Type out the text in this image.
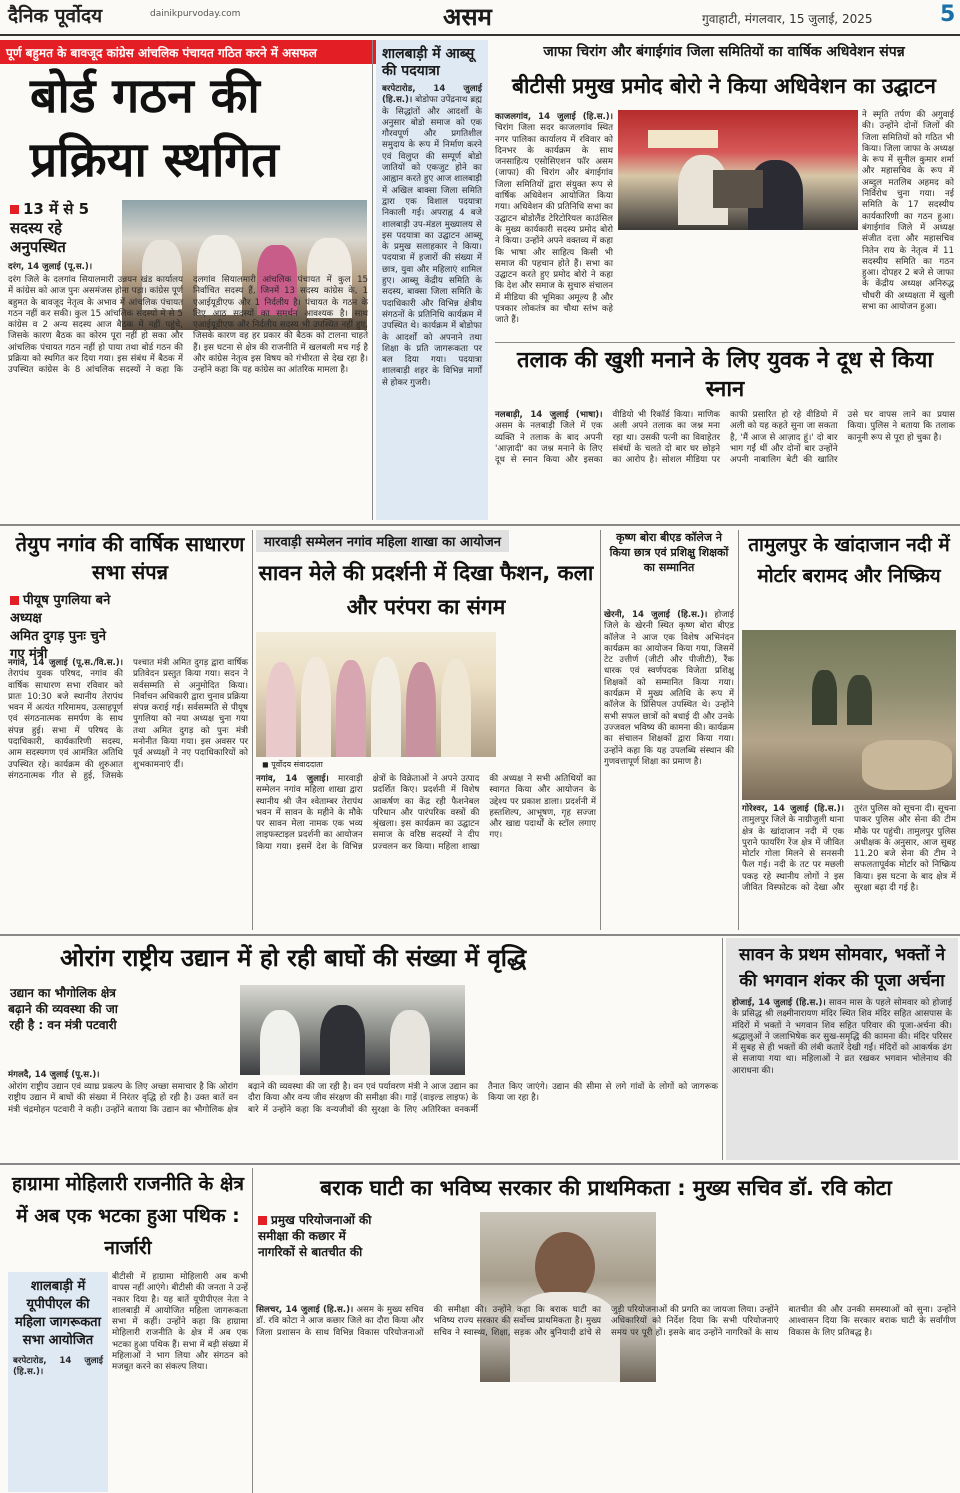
दैनिक पूर्वोदय	dainikpurvoday.com	असम	गुवाहाटी, मंगलवार, 15 जुलाई, 2025	5
पूर्ण बहुमत के बावजूद कांग्रेस आंचलिक पंचायत गठित करने में असफल
बोर्ड गठन की प्रक्रिया स्थगित
13 में से 5 सदस्य रहे अनुपस्थित
दरंग, 14 जुलाई (पू.स.)।
दरंग जिले के दलगांव सियालमारी उन्नयन खंड कार्यालय में कांग्रेस को आज पुनः असमंजस होना पड़ा। कांग्रेस पूर्ण बहुमत के बावजूद नेतृत्व के अभाव में आंचलिक पंचायत गठन नहीं कर सकी। कुल 15 आंचलिक सदस्यों में से 5 कांग्रेस व 2 अन्य सदस्य आज बैठक में नहीं पहुंचे, जिसके कारण बैठक का कोरम पूरा नहीं हो सका और आंचलिक पंचायत गठन नहीं हो पाया तथा बोर्ड गठन की प्रक्रिया को स्थगित कर दिया गया। इस संबंध में बैठक में उपस्थित कांग्रेस के 8 आंचलिक सदस्यों ने कहा कि दलगांव सियालमारी आंचलिक पंचायत में कुल 15 निर्वाचित सदस्य हैं, जिनमें 13 सदस्य कांग्रेस के, 1 एआईयूडीएफ और 1 निर्दलीय है। पंचायत के गठन के लिए आठ सदस्यों का समर्थन आवश्यक है। साथ एआईयूडीएफ और निर्दलीय सदस्य भी उपस्थित नहीं हुए, जिसके कारण वह हर प्रकार की बैठक को टालना चाहते हैं। इस घटना से क्षेत्र की राजनीति में खलबली मच गई है और कांग्रेस नेतृत्व इस विषय को गंभीरता से देख रहा है। उन्होंने कहा कि यह कांग्रेस का आंतरिक मामला है।
शालबाड़ी में आब्सू की पदयात्रा
बरपेटारोड, 14 जुलाई (हि.स.)। बोडोफा उपेंद्रनाथ ब्रह्म के सिद्धांतों और आदर्शों के अनुसार बोडो समाज को एक गौरवपूर्ण और प्रगतिशील समुदाय के रूप में निर्माण करने एवं विलुप्त की सम्पूर्ण बोडो जातियों को एकजुट होने का आह्वान करते हुए आज शालबाड़ी में अखिल बाक्सा जिला समिति द्वारा एक विशाल पदयात्रा निकाली गई। अपराह्न 4 बजे शालबाड़ी उप-मंडल मुख्यालय से इस पदयात्रा का उद्घाटन आब्सू के प्रमुख सलाहकार ने किया। पदयात्रा में हजारों की संख्या में छात्र, युवा और महिलाएं शामिल हुए। आब्सू केंद्रीय समिति के सदस्य, बाक्सा जिला समिति के पदाधिकारी और विभिन्न क्षेत्रीय संगठनों के प्रतिनिधि कार्यक्रम में उपस्थित थे। कार्यक्रम में बोडोफा के आदर्शों को अपनाने तथा शिक्षा के प्रति जागरूकता पर बल दिया गया। पदयात्रा शालबाड़ी शहर के विभिन्न मार्गों से होकर गुजरी।
जाफा चिरांग और बंगाईगांव जिला समितियों का वार्षिक अधिवेशन संपन्न
बीटीसी प्रमुख प्रमोद बोरो ने किया अधिवेशन का उद्घाटन
काजलगांव, 14 जुलाई (हि.स.)। चिरांग जिला सदर काजलगांव स्थित नगर पालिका कार्यालय में रविवार को दिनभर के कार्यक्रम के साथ जनसाहित्य एसोसिएशन फॉर असम (जाफा) की चिरांग और बंगाईगांव जिला समितियों द्वारा संयुक्त रूप से वार्षिक अधिवेशन आयोजित किया गया। अधिवेशन की प्रतिनिधि सभा का उद्घाटन बोडोलैंड टेरिटोरियल काउंसिल के मुख्य कार्यकारी सदस्य प्रमोद बोरो ने किया। उन्होंने अपने वक्तव्य में कहा कि भाषा और साहित्य किसी भी समाज की पहचान होते हैं। सभा का उद्घाटन करते हुए प्रमोद बोरो ने कहा कि देश और समाज के सुचारु संचालन में मीडिया की भूमिका अमूल्य है और पत्रकार लोकतंत्र का चौथा स्तंभ कहे जाते हैं।
ने स्मृति तर्पण की अगुवाई की। उन्होंने दोनों जिलों की जिला समितियों को गठित भी किया। जिला जाफा के अध्यक्ष के रूप में सुनील कुमार शर्मा और महासचिव के रूप में अब्दुल मतलिब अहमद को निर्विरोध चुना गया। नई समिति के 17 सदस्यीय कार्यकारिणी का गठन हुआ। बंगाईगांव जिले में अध्यक्ष संजीत दत्ता और महासचिव नितेन राय के नेतृत्व में 11 सदस्यीय समिति का गठन हुआ। दोपहर 2 बजे से जाफा के केंद्रीय अध्यक्ष अनिरुद्ध चौधरी की अध्यक्षता में खुली सभा का आयोजन हुआ।
तलाक की खुशी मनाने के लिए युवक ने दूध से किया स्नान
नलबाड़ी, 14 जुलाई (भाषा)। असम के नलबाड़ी जिले में एक व्यक्ति ने तलाक के बाद अपनी 'आज़ादी' का जश्न मनाने के लिए दूध से स्नान किया और इसका वीडियो भी रिकॉर्ड किया। माणिक अली अपने तलाक का जश्न मना रहा था। उसकी पत्नी का विवाहेतर संबंधों के चलते दो बार घर छोड़ने का आरोप है। सोशल मीडिया पर काफी प्रसारित हो रहे वीडियो में अली को यह कहते सुना जा सकता है, 'मैं आज से आज़ाद हूं।' दो बार भाग गईं थीं और दोनों बार उन्होंने अपनी नाबालिग बेटी की खातिर उसे घर वापस लाने का प्रयास किया। पुलिस ने बताया कि तलाक कानूनी रूप से पूरा हो चुका है।
तेयुप नगांव की वार्षिक साधारण सभा संपन्न
पीयूष पुगलिया बने अध्यक्ष
अमित दुगड़ पुनः चुने गए मंत्री
नगांव, 14 जुलाई (पू.स./वि.स.)। तेरापंथ युवक परिषद, नगांव की वार्षिक साधारण सभा रविवार को प्रातः 10:30 बजे स्थानीय तेरापंथ भवन में अत्यंत गरिमामय, उत्साहपूर्ण एवं संगठनात्मक समर्पण के साथ संपन्न हुई। सभा में परिषद के पदाधिकारी, कार्यकारिणी सदस्य, आम सदस्यगण एवं आमंत्रित अतिथि उपस्थित रहे। कार्यक्रम की शुरुआत संगठनात्मक गीत से हुई, जिसके पश्चात मंत्री अमित दुगड़ द्वारा वार्षिक प्रतिवेदन प्रस्तुत किया गया। सदन ने सर्वसम्मति से अनुमोदित किया। निर्वाचन अधिकारी द्वारा चुनाव प्रक्रिया संपन्न कराई गई। सर्वसम्मति से पीयूष पुगलिया को नया अध्यक्ष चुना गया तथा अमित दुगड़ को पुनः मंत्री मनोनीत किया गया। इस अवसर पर पूर्व अध्यक्षों ने नए पदाधिकारियों को शुभकामनाएं दीं।
मारवाड़ी सम्मेलन नगांव महिला शाखा का आयोजन
सावन मेले की प्रदर्शनी में दिखा फैशन, कला और परंपरा का संगम
◼ पूर्वोदय संवाददाता
नगांव, 14 जुलाई। मारवाड़ी सम्मेलन नगांव महिला शाखा द्वारा स्थानीय श्री जैन श्वेताम्बर तेरापंथ भवन में सावन के महीने के मौके पर सावन मेला नामक एक भव्य लाइफस्टाइल प्रदर्शनी का आयोजन किया गया। इसमें देश के विभिन्न क्षेत्रों के विक्रेताओं ने अपने उत्पाद प्रदर्शित किए। प्रदर्शनी में विशेष आकर्षण का केंद्र रही फैशनेबल परिधान और पारंपरिक वस्त्रों की श्रृंखला। इस कार्यक्रम का उद्घाटन समाज के वरिष्ठ सदस्यों ने दीप प्रज्वलन कर किया। महिला शाखा की अध्यक्ष ने सभी अतिथियों का स्वागत किया और आयोजन के उद्देश्य पर प्रकाश डाला। प्रदर्शनी में हस्तशिल्प, आभूषण, गृह सज्जा और खाद्य पदार्थों के स्टॉल लगाए गए।
कृष्ण बोरा बीएड कॉलेज ने किया छात्र एवं प्रशिक्षु शिक्षकों का सम्मानित
खेरनी, 14 जुलाई (हि.स.)। होजाई जिले के खेरनी स्थित कृष्ण बोरा बीएड कॉलेज ने आज एक विशेष अभिनंदन कार्यक्रम का आयोजन किया गया, जिसमें टेट उत्तीर्ण (जीटी और पीजीटी), रैंक धारक एवं स्वर्णपदक विजेता प्रशिक्षु शिक्षकों को सम्मानित किया गया। कार्यक्रम में मुख्य अतिथि के रूप में कॉलेज के प्रिंसिपल उपस्थित थे। उन्होंने सभी सफल छात्रों को बधाई दी और उनके उज्जवल भविष्य की कामना की। कार्यक्रम का संचालन शिक्षकों द्वारा किया गया। उन्होंने कहा कि यह उपलब्धि संस्थान की गुणवत्तापूर्ण शिक्षा का प्रमाण है।
तामुलपुर के खांदाजान नदी में मोर्टार बरामद और निष्क्रिय
गोरेश्वर, 14 जुलाई (हि.स.)। तामुलपुर जिले के नाग्रीजुली थाना क्षेत्र के खांदाजान नदी में एक पुराने फायरिंग रेंज क्षेत्र में जीवित मोर्टार गोला मिलने से सनसनी फैल गई। नदी के तट पर मछली पकड़ रहे स्थानीय लोगों ने इस जीवित विस्फोटक को देखा और तुरंत पुलिस को सूचना दी। सूचना पाकर पुलिस और सेना की टीम मौके पर पहुंची। तामुलपुर पुलिस अधीक्षक के अनुसार, आज सुबह 11.20 बजे सेना की टीम ने सफलतापूर्वक मोर्टार को निष्क्रिय किया। इस घटना के बाद क्षेत्र में सुरक्षा बढ़ा दी गई है।
ओरांग राष्ट्रीय उद्यान में हो रही बाघों की संख्या में वृद्धि
उद्यान का भौगोलिक क्षेत्र बढ़ाने की व्यवस्था की जा रही है : वन मंत्री पटवारी
मंगलदै, 14 जुलाई (पू.स.)।
ओरांग राष्ट्रीय उद्यान एवं व्याघ्र प्रकल्प के लिए अच्छा समाचार है कि ओरांग राष्ट्रीय उद्यान में बाघों की संख्या में निरंतर वृद्धि हो रही है। उक्त बातें वन मंत्री चंद्रमोहन पटवारी ने कही। उन्होंने बताया कि उद्यान का भौगोलिक क्षेत्र बढ़ाने की व्यवस्था की जा रही है। वन एवं पर्यावरण मंत्री ने आज उद्यान का दौरा किया और वन्य जीव संरक्षण की समीक्षा की। गाड़ें (वाइल्ड लाइफ) के बारे में उन्होंने कहा कि वन्यजीवों की सुरक्षा के लिए अतिरिक्त वनकर्मी तैनात किए जाएंगे। उद्यान की सीमा से लगे गांवों के लोगों को जागरूक किया जा रहा है।
सावन के प्रथम सोमवार, भक्तों ने की भगवान शंकर की पूजा अर्चना
होजाई, 14 जुलाई (हि.स.)। सावन मास के पहले सोमवार को होजाई के प्रसिद्ध श्री लक्ष्मीनारायण मंदिर स्थित शिव मंदिर सहित आसपास के मंदिरों में भक्तों ने भगवान शिव सहित परिवार की पूजा-अर्चना की। श्रद्धालुओं ने जलाभिषेक कर सुख-समृद्धि की कामना की। मंदिर परिसर में सुबह से ही भक्तों की लंबी कतारें देखी गईं। मंदिरों को आकर्षक ढंग से सजाया गया था। महिलाओं ने व्रत रखकर भगवान भोलेनाथ की आराधना की।
हाग्रामा मोहिलारी राजनीति के क्षेत्र में अब एक भटका हुआ पथिक : नार्जारी
शालबाड़ी में यूपीपीएल की महिला जागरूकता सभा आयोजित
बरपेटारोड, 14 जुलाई (हि.स.)।
बीटीसी में हाग्रामा मोहिलारी अब कभी वापस नहीं आएंगे। बीटीसी की जनता ने उन्हें नकार दिया है। यह बातें यूपीपीएल नेता ने शालबाड़ी में आयोजित महिला जागरूकता सभा में कहीं। उन्होंने कहा कि हाग्रामा मोहिलारी राजनीति के क्षेत्र में अब एक भटका हुआ पथिक हैं। सभा में बड़ी संख्या में महिलाओं ने भाग लिया और संगठन को मजबूत करने का संकल्प लिया।
बराक घाटी का भविष्य सरकार की प्राथमिकता : मुख्य सचिव डॉ. रवि कोटा
प्रमुख परियोजनाओं की समीक्षा की कछार में नागरिकों से बातचीत की
सिलचर, 14 जुलाई (हि.स.)। असम के मुख्य सचिव डॉ. रवि कोटा ने आज कछार जिले का दौरा किया और जिला प्रशासन के साथ विभिन्न विकास परियोजनाओं की समीक्षा की। उन्होंने कहा कि बराक घाटी का भविष्य राज्य सरकार की सर्वोच्च प्राथमिकता है। मुख्य सचिव ने स्वास्थ्य, शिक्षा, सड़क और बुनियादी ढांचे से जुड़ी परियोजनाओं की प्रगति का जायजा लिया। उन्होंने अधिकारियों को निर्देश दिया कि सभी परियोजनाएं समय पर पूरी हों। इसके बाद उन्होंने नागरिकों के साथ बातचीत की और उनकी समस्याओं को सुना। उन्होंने आश्वासन दिया कि सरकार बराक घाटी के सर्वांगीण विकास के लिए प्रतिबद्ध है।
